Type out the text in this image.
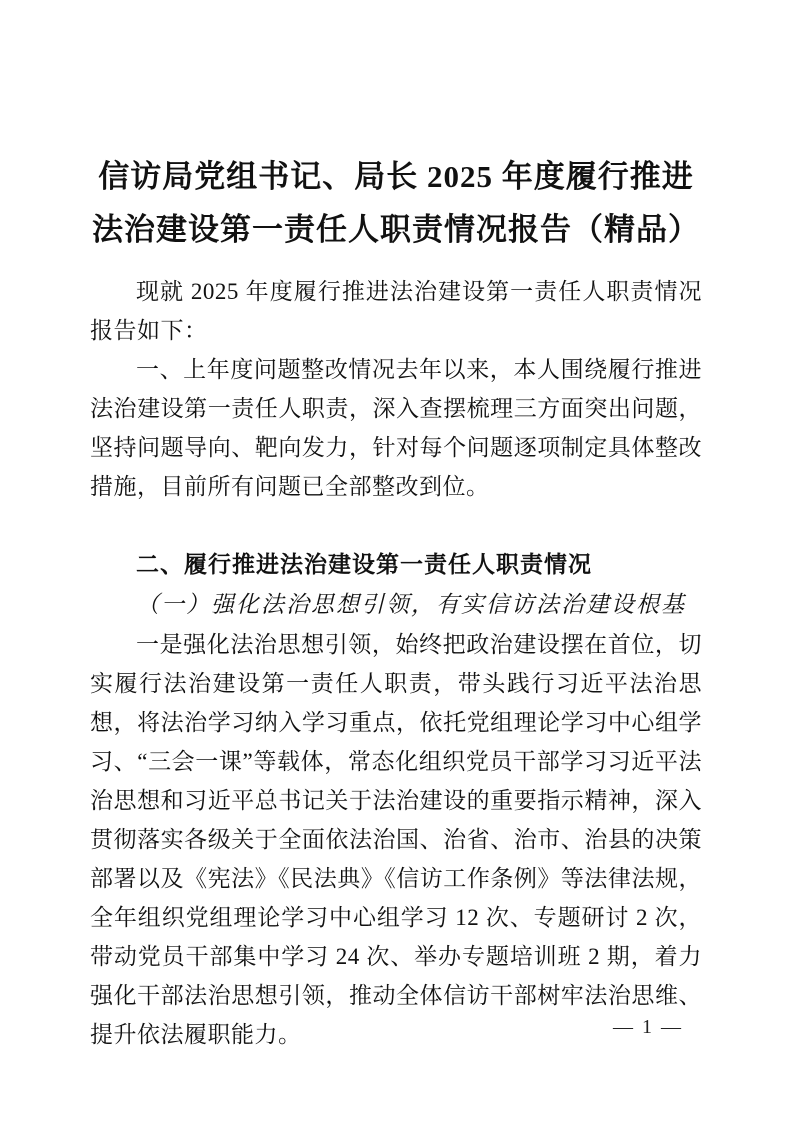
信访局党组书记、局长 2025 年度履行推进法治建设第一责任人职责情况报告（精品）

现就 2025 年度履行推进法治建设第一责任人职责情况报告如下：

一、上年度问题整改情况去年以来，本人围绕履行推进法治建设第一责任人职责，深入查摆梳理三方面突出问题，坚持问题导向、靶向发力，针对每个问题逐项制定具体整改措施，目前所有问题已全部整改到位。

二、履行推进法治建设第一责任人职责情况
（一）强化法治思想引领，有实信访法治建设根基

一是强化法治思想引领，始终把政治建设摆在首位，切实履行法治建设第一责任人职责，带头践行习近平法治思想，将法治学习纳入学习重点，依托党组理论学习中心组学习、“三会一课”等载体，常态化组织党员干部学习习近平法治思想和习近平总书记关于法治建设的重要指示精神，深入贯彻落实各级关于全面依法治国、治省、治市、治县的决策部署以及《宪法》《民法典》《信访工作条例》等法律法规，全年组织党组理论学习中心组学习 12 次、专题研讨 2 次，带动党员干部集中学习 24 次、举办专题培训班 2 期，着力强化干部法治思想引领，推动全体信访干部树牢法治思维、提升依法履职能力。	— 1 —
